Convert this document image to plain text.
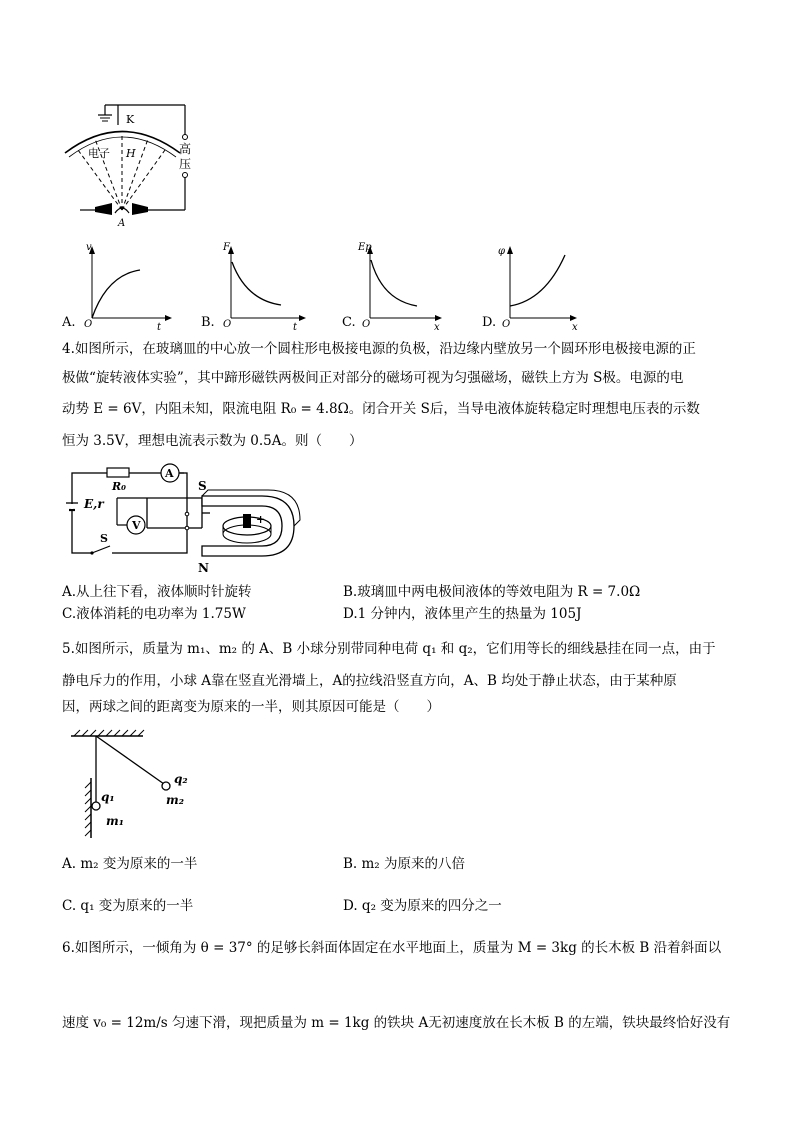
K
电子 H	高
压
A
A.
v
O	t	B.
F
O	t	C.
Ep
O	x	D.
φ
O	x
4.如图所示，在玻璃皿的中心放一个圆柱形电极接电源的负极，沿边缘内壁放另一个圆环形电极接电源的正
极做“旋转液体实验”，其中蹄形磁铁两极间正对部分的磁场可视为匀强磁场，磁铁上方为 S极。电源的电
动势 E = 6V，内阻未知，限流电阻 R₀ = 4.8Ω。闭合开关 S后，当导电液体旋转稳定时理想电压表的示数
恒为 3.5V，理想电流表示数为 0.5A。则（　　）
A
V
E,r
R₀
S
+
S
N
A.从上往下看，液体顺时针旋转	B.玻璃皿中两电极间液体的等效电阻为 R = 7.0Ω
C.液体消耗的电功率为 1.75W	D.1 分钟内，液体里产生的热量为 105J
5.如图所示，质量为 m₁、m₂ 的 A、B 小球分别带同种电荷 q₁ 和 q₂，它们用等长的细线悬挂在同一点，由于
静电斥力的作用，小球 A靠在竖直光滑墙上，A的拉线沿竖直方向，A、B 均处于静止状态，由于某种原
因，两球之间的距离变为原来的一半，则其原因可能是（　　）
q₁
m₁
q₂
m₂
A. m₂ 变为原来的一半	B. m₂ 为原来的八倍
C. q₁ 变为原来的一半	D. q₂ 变为原来的四分之一
6.如图所示，一倾角为 θ = 37° 的足够长斜面体固定在水平地面上，质量为 M = 3kg 的长木板 B 沿着斜面以
速度 v₀ = 12m/s 匀速下滑，现把质量为 m = 1kg 的铁块 A无初速度放在长木板 B 的左端，铁块最终恰好没有
